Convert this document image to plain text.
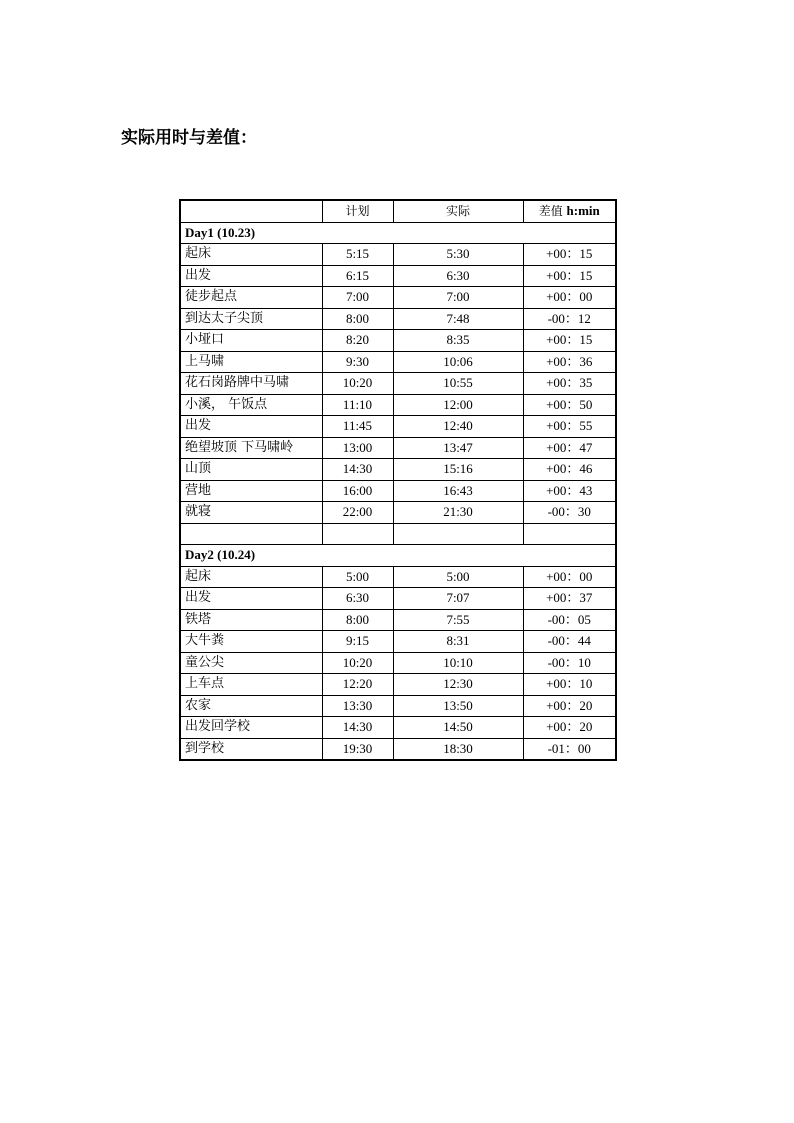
实际用时与差值：
	计划	实际	差值 h:min
Day1 (10.23)			
起床	5:15	5:30	+00：15
出发	6:15	6:30	+00：15
徒步起点	7:00	7:00	+00：00
到达太子尖顶	8:00	7:48	-00：12
小垭口	8:20	8:35	+00：15
上马啸	9:30	10:06	+00：36
花石岗路牌中马啸	10:20	10:55	+00：35
小溪， 午饭点	11:10	12:00	+00：50
出发	11:45	12:40	+00：55
绝望坡顶 下马啸岭	13:00	13:47	+00：47
山顶	14:30	15:16	+00：46
营地	16:00	16:43	+00：43
就寝	22:00	21:30	-00：30

Day2 (10.24)			
起床	5:00	5:00	+00：00
出发	6:30	7:07	+00：37
铁塔	8:00	7:55	-00：05
大牛粪	9:15	8:31	-00：44
童公尖	10:20	10:10	-00：10
上车点	12:20	12:30	+00：10
农家	13:30	13:50	+00：20
出发回学校	14:30	14:50	+00：20
到学校	19:30	18:30	-01：00
